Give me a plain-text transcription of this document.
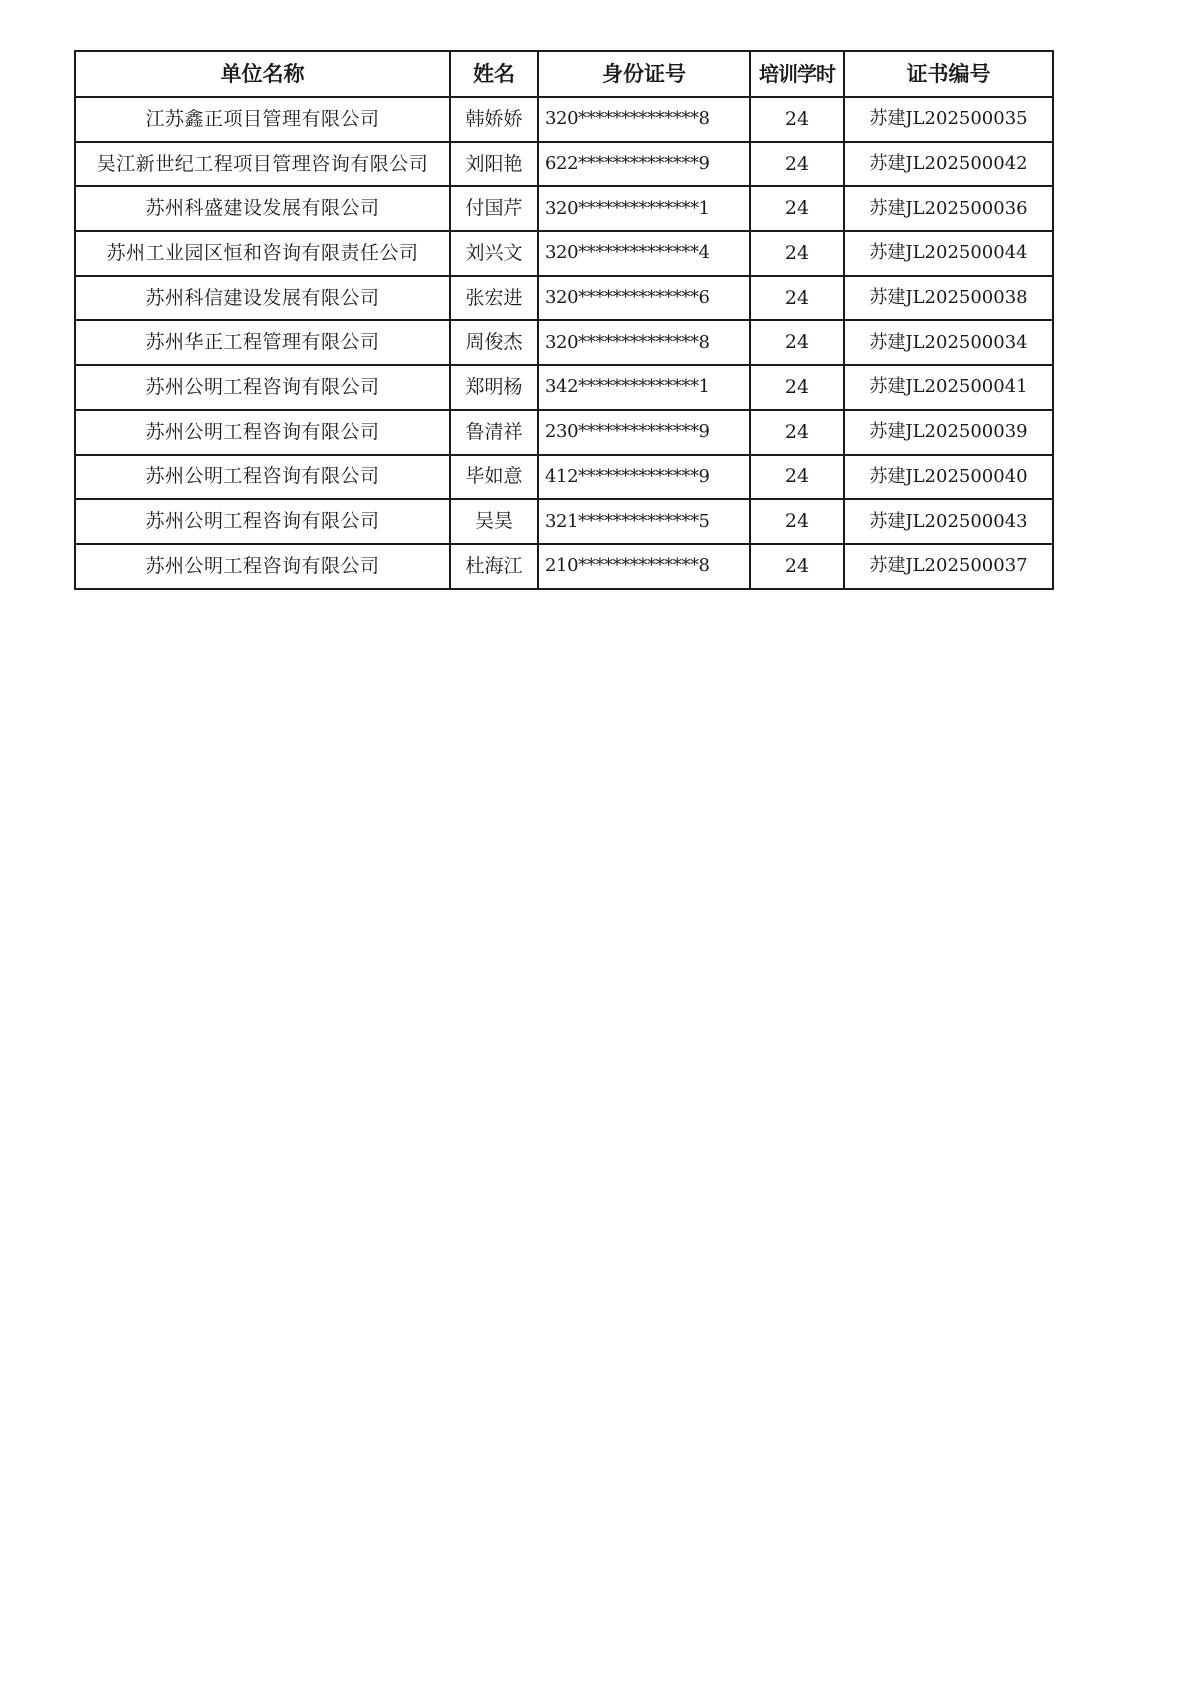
单位名称	姓名	身份证号	培训学时	证书编号
江苏鑫正项目管理有限公司	韩娇娇	320**************8	24	苏建JL202500035
吴江新世纪工程项目管理咨询有限公司	刘阳艳	622**************9	24	苏建JL202500042
苏州科盛建设发展有限公司	付国芹	320**************1	24	苏建JL202500036
苏州工业园区恒和咨询有限责任公司	刘兴文	320**************4	24	苏建JL202500044
苏州科信建设发展有限公司	张宏进	320**************6	24	苏建JL202500038
苏州华正工程管理有限公司	周俊杰	320**************8	24	苏建JL202500034
苏州公明工程咨询有限公司	郑明杨	342**************1	24	苏建JL202500041
苏州公明工程咨询有限公司	鲁清祥	230**************9	24	苏建JL202500039
苏州公明工程咨询有限公司	毕如意	412**************9	24	苏建JL202500040
苏州公明工程咨询有限公司	吴昊	321**************5	24	苏建JL202500043
苏州公明工程咨询有限公司	杜海江	210**************8	24	苏建JL202500037
